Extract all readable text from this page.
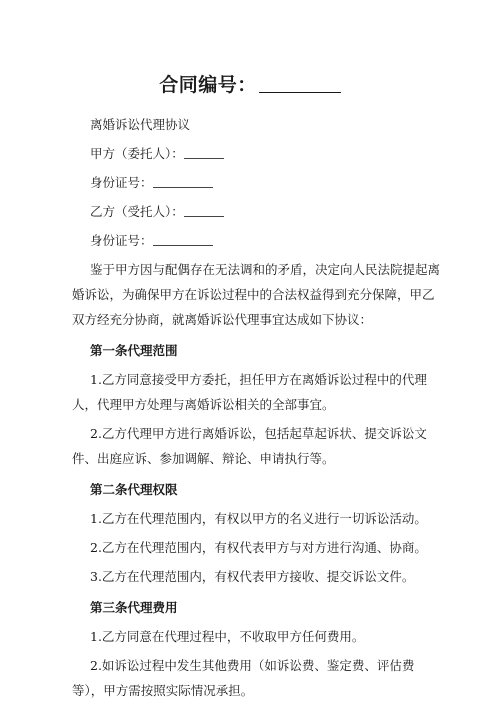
合同编号：
离婚诉讼代理协议
甲方（委托人）：
身份证号：
乙方（受托人）：
身份证号：
鉴于甲方因与配偶存在无法调和的矛盾，决定向人民法院提起离
婚诉讼，为确保甲方在诉讼过程中的合法权益得到充分保障，甲乙
双方经充分协商，就离婚诉讼代理事宜达成如下协议：
第一条代理范围
1.乙方同意接受甲方委托，担任甲方在离婚诉讼过程中的代理
人，代理甲方处理与离婚诉讼相关的全部事宜。
2.乙方代理甲方进行离婚诉讼，包括起草起诉状、提交诉讼文
件、出庭应诉、参加调解、辩论、申请执行等。
第二条代理权限
1.乙方在代理范围内，有权以甲方的名义进行一切诉讼活动。
2.乙方在代理范围内，有权代表甲方与对方进行沟通、协商。
3.乙方在代理范围内，有权代表甲方接收、提交诉讼文件。
第三条代理费用
1.乙方同意在代理过程中，不收取甲方任何费用。
2.如诉讼过程中发生其他费用（如诉讼费、鉴定费、评估费
等），甲方需按照实际情况承担。
